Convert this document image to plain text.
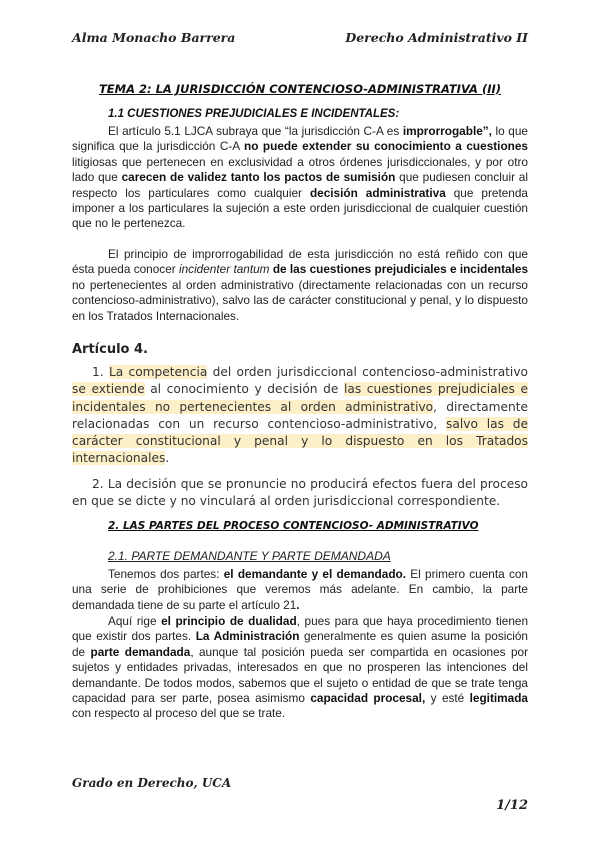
Alma Monacho Barrera	Derecho Administrativo II
TEMA 2: LA JURISDICCIÓN CONTENCIOSO-ADMINISTRATIVA (II)
1.1 CUESTIONES PREJUDICIALES E INCIDENTALES:
El artículo 5.1 LJCA subraya que “la jurisdicción C-A es improrrogable”, lo que significa que la jurisdicción C-A no puede extender su conocimiento a cuestiones litigiosas que pertenecen en exclusividad a otros órdenes jurisdiccionales, y por otro lado que carecen de validez tanto los pactos de sumisión que pudiesen concluir al respecto los particulares como cualquier decisión administrativa que pretenda imponer a los particulares la sujeción a este orden jurisdiccional de cualquier cuestión que no le pertenezca.
El principio de improrrogabilidad de esta jurisdicción no está reñido con que ésta pueda conocer incidenter tantum de las cuestiones prejudiciales e incidentales no pertenecientes al orden administrativo (directamente relacionadas con un recurso contencioso-administrativo), salvo las de carácter constitucional y penal, y lo dispuesto en los Tratados Internacionales.
Artículo 4.
1. La competencia del orden jurisdiccional contencioso-administrativo se extiende al conocimiento y decisión de las cuestiones prejudiciales e incidentales no pertenecientes al orden administrativo, directamente relacionadas con un recurso contencioso-administrativo, salvo las de carácter constitucional y penal y lo dispuesto en los Tratados internacionales.
2. La decisión que se pronuncie no producirá efectos fuera del proceso en que se dicte y no vinculará al orden jurisdiccional correspondiente.
2. LAS PARTES DEL PROCESO CONTENCIOSO- ADMINISTRATIVO
2.1. PARTE DEMANDANTE Y PARTE DEMANDADA
Tenemos dos partes: el demandante y el demandado. El primero cuenta con una serie de prohibiciones que veremos más adelante. En cambio, la parte demandada tiene de su parte el artículo 21.
Aquí rige el principio de dualidad, pues para que haya procedimiento tienen que existir dos partes. La Administración generalmente es quien asume la posición de parte demandada, aunque tal posición pueda ser compartida en ocasiones por sujetos y entidades privadas, interesados en que no prosperen las intenciones del demandante. De todos modos, sabemos que el sujeto o entidad de que se trate tenga capacidad para ser parte, posea asimismo capacidad procesal, y esté legitimada con respecto al proceso del que se trate.
Grado en Derecho, UCA
1/12
